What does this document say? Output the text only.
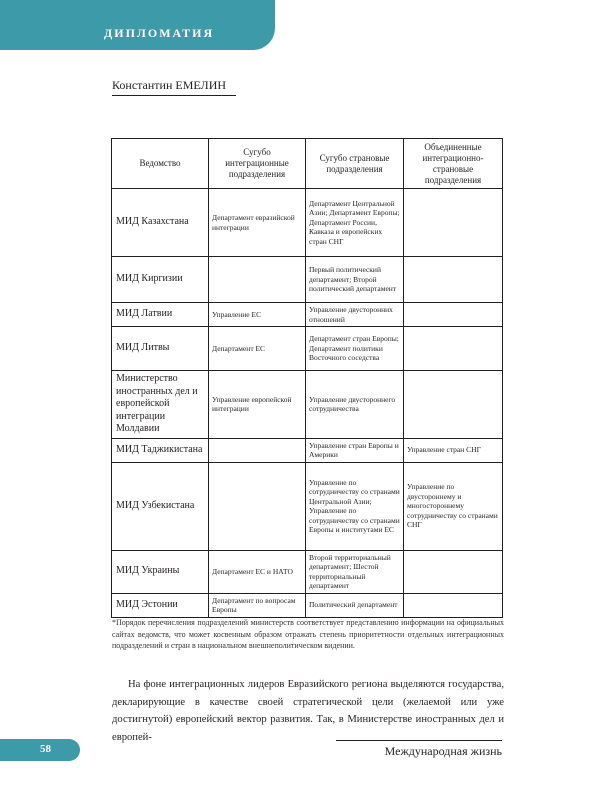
ДИПЛОМАТИЯ
Константин ЕМЕЛИН
Ведомство	Сугубо интеграционные подразделения	Сугубо страновые подразделения	Объединенные интеграционно-страновые подразделения
МИД Казахстана	Департамент евразийской интеграции	Департамент Центральной Азии; Департамент Европы; Департамент России, Кавказа и европейских стран СНГ	
МИД Киргизии		Первый политический департамент; Второй политический департамент	
МИД Латвии	Управление ЕС	Управление двусторонних отношений	
МИД Литвы	Департамент ЕС	Департамент стран Европы; Департамент политики Восточного соседства	
Министерство иностранных дел и европейской интеграции Молдавии	Управление европейской интеграции	Управление двустороннего сотрудничества	
МИД Таджикистана		Управление стран Европы и Америки	Управление стран СНГ
МИД Узбекистана		Управление по сотрудничеству со странами Центральной Азии; Управление по сотрудничеству со странами Европы и институтами ЕС	Управление по двустороннему и многостороннему сотрудничеству со странами СНГ
МИД Украины	Департамент ЕС и НАТО	Второй территориальный департамент; Шестой территориальный департамент	
МИД Эстонии	Департамент по вопросам Европы	Политический департамент	
*Порядок перечисления подразделений министерств соответствует представлению информации на официальных сайтах ведомств, что может косвенным образом отражать степень приоритетности отдельных интеграционных подразделений и стран в национальном внешнеполитическом видении.

На фоне интеграционных лидеров Евразийского региона выделяются государства, декларирующие в качестве своей стратегической цели (желаемой или уже достигнутой) европейский вектор развития. Так, в Министерстве иностранных дел и европей-

58	Международная жизнь
